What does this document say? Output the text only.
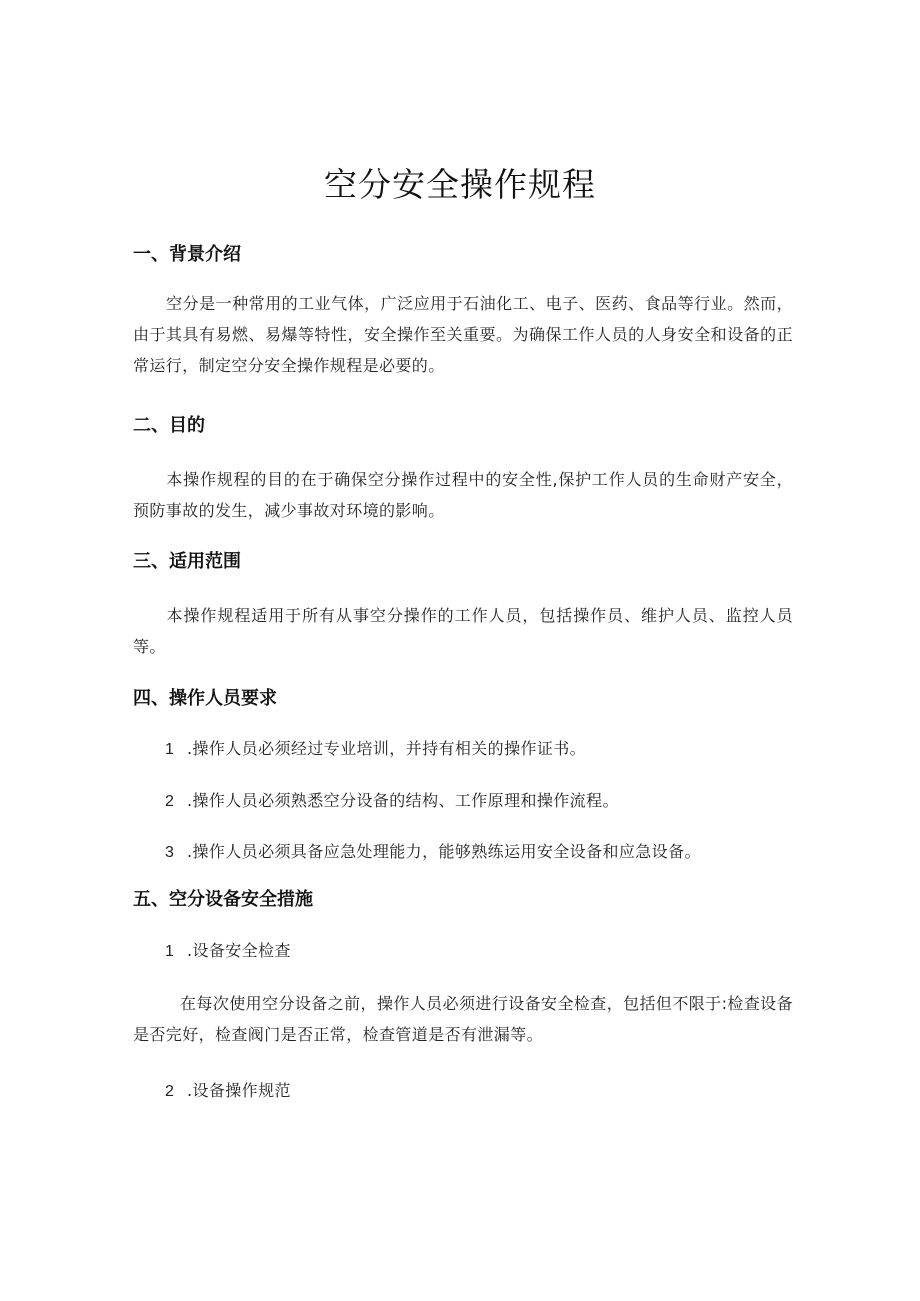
空分安全操作规程
一、背景介绍

空分是一种常用的工业气体，广泛应用于石油化工、电子、医药、食品等行业。然而，由于其具有易燃、易爆等特性，安全操作至关重要。为确保工作人员的人身安全和设备的正常运行，制定空分安全操作规程是必要的。

二、目的

本操作规程的目的在于确保空分操作过程中的安全性,保护工作人员的生命财产安全，预防事故的发生，减少事故对环境的影响。

三、适用范围

本操作规程适用于所有从事空分操作的工作人员，包括操作员、维护人员、监控人员等。

四、操作人员要求
1 .操作人员必须经过专业培训，并持有相关的操作证书。
2 .操作人员必须熟悉空分设备的结构、工作原理和操作流程。
3 .操作人员必须具备应急处理能力，能够熟练运用安全设备和应急设备。
五、空分设备安全措施
1 .设备安全检查

在每次使用空分设备之前，操作人员必须进行设备安全检查，包括但不限于:检查设备是否完好，检查阀门是否正常，检查管道是否有泄漏等。

2 .设备操作规范
